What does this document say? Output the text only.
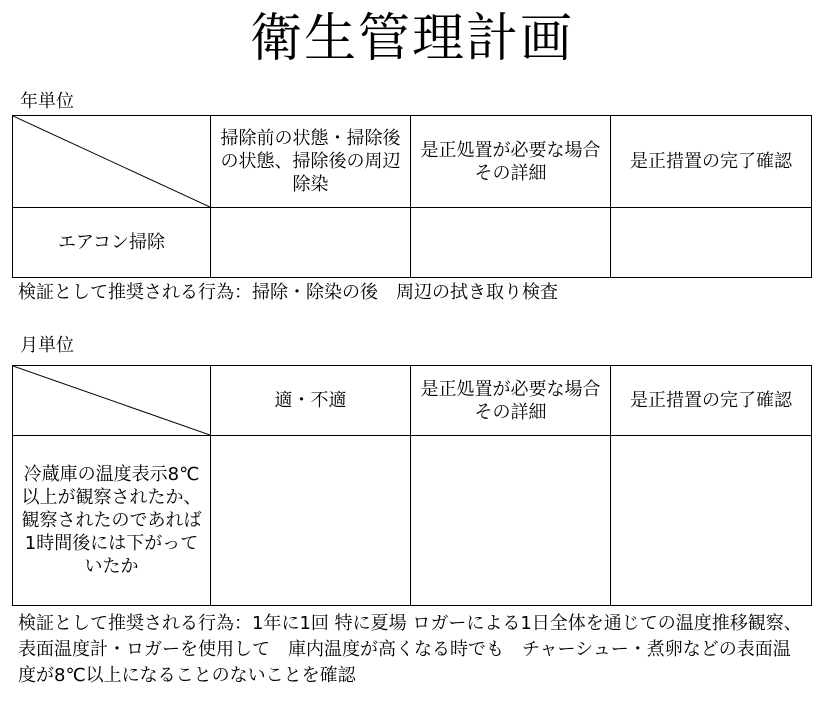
衛生管理計画
年単位
	掃除前の状態・掃除後の状態、掃除後の周辺除染	是正処置が必要な場合　その詳細	是正措置の完了確認
エアコン掃除			
検証として推奨される行為：掃除・除染の後　周辺の拭き取り検査
月単位
	適・不適	是正処置が必要な場合　その詳細	是正措置の完了確認
冷蔵庫の温度表示8℃以上が観察されたか、観察されたのであれば1時間後には下がっていたか			
検証として推奨される行為：1年に1回 特に夏場 ロガーによる1日全体を通じての温度推移観察、表面温度計・ロガーを使用して　庫内温度が高くなる時でも　チャーシュー・煮卵などの表面温度が8℃以上になることのないことを確認
